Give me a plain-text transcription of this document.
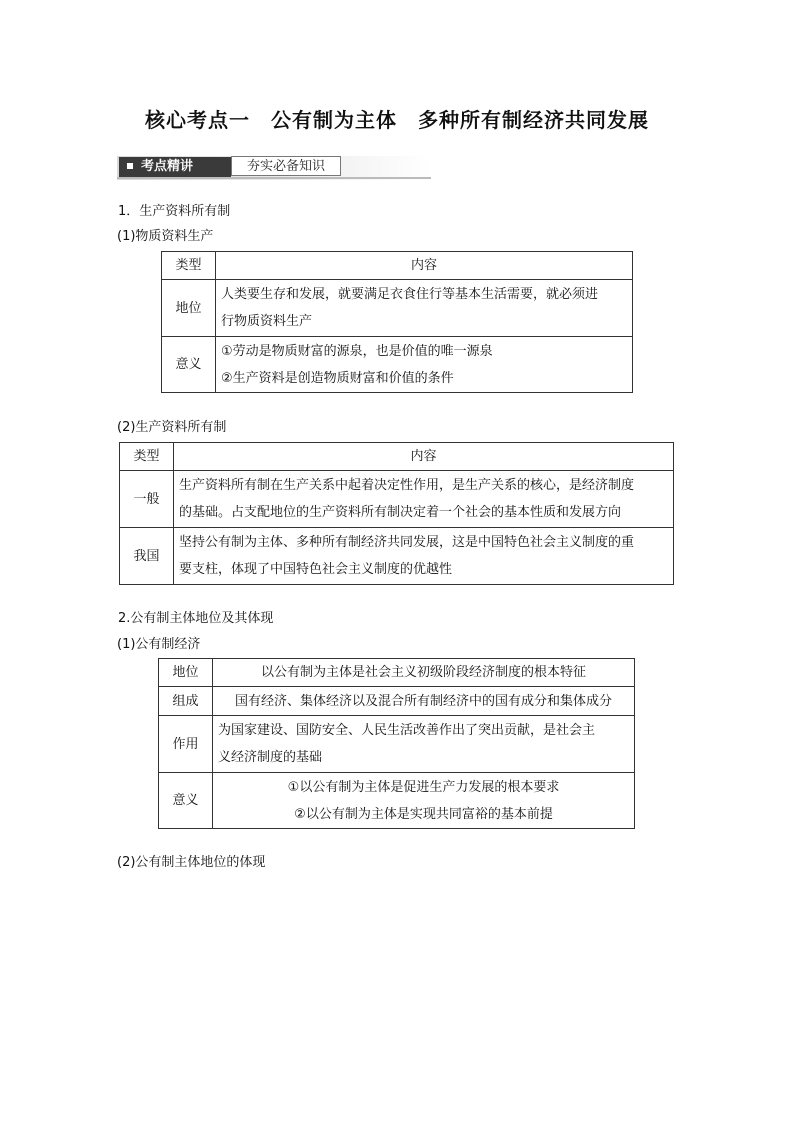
核心考点一　公有制为主体　多种所有制经济共同发展
考点精讲	夯实必备知识
1．生产资料所有制
(1)物质资料生产
类型	内容
地位	人类要生存和发展，就要满足衣食住行等基本生活需要，就必须进
行物质资料生产

意义	①劳动是物质财富的源泉，也是价值的唯一源泉
②生产资料是创造物质财富和价值的条件
(2)生产资料所有制
类型	内容
一般	生产资料所有制在生产关系中起着决定性作用，是生产关系的核心，是经济制度
的基础。占支配地位的生产资料所有制决定着一个社会的基本性质和发展方向

我国	坚持公有制为主体、多种所有制经济共同发展，这是中国特色社会主义制度的重
要支柱，体现了中国特色社会主义制度的优越性
2.公有制主体地位及其体现
(1)公有制经济
地位	以公有制为主体是社会主义初级阶段经济制度的根本特征
组成	国有经济、集体经济以及混合所有制经济中的国有成分和集体成分
作用	为国家建设、国防安全、人民生活改善作出了突出贡献，是社会主
义经济制度的基础

意义	①以公有制为主体是促进生产力发展的根本要求
②以公有制为主体是实现共同富裕的基本前提
(2)公有制主体地位的体现
